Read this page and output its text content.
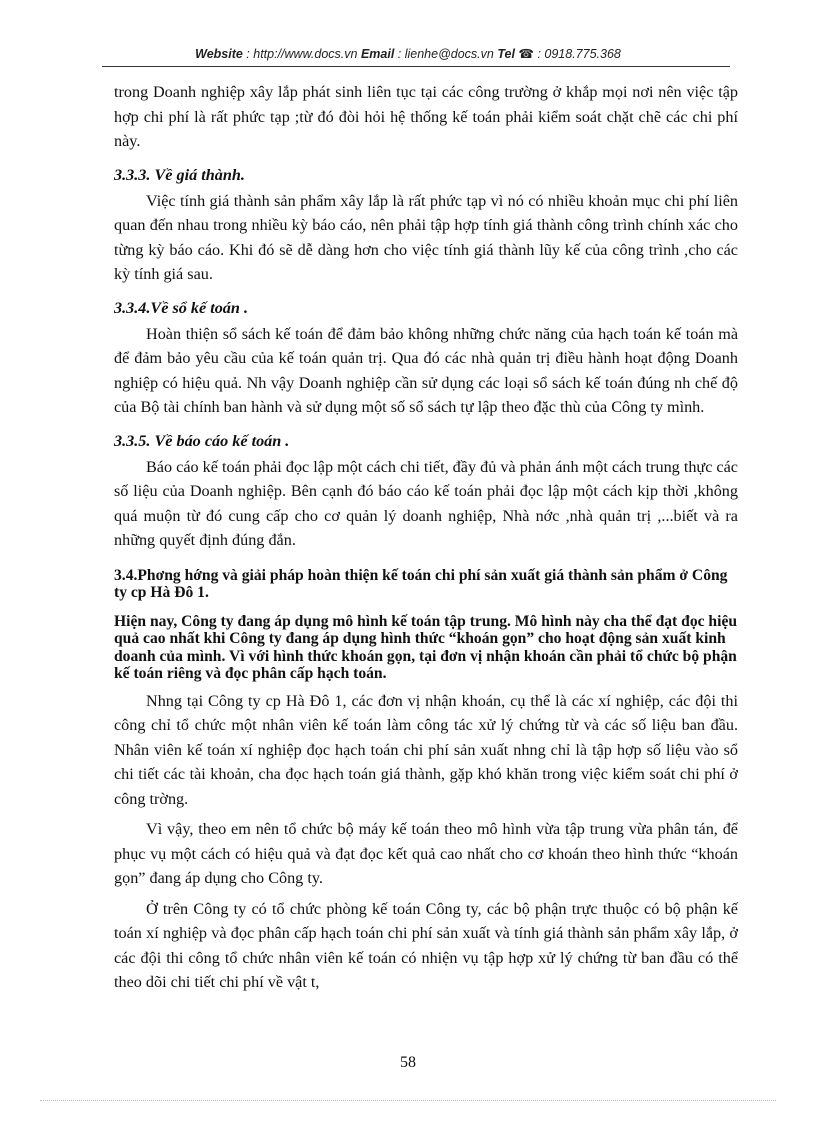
Website : http://www.docs.vn Email : lienhe@docs.vn Tel ☎ : 0918.775.368

trong Doanh nghiệp xây lắp phát sinh liên tục tại các công trường ở khắp mọi nơi nên việc tập hợp chi phí là rất phức tạp ;từ đó đòi hỏi hệ thống kế toán phải kiểm soát chặt chẽ các chi phí này.

3.3.3. Về giá thành.

Việc tính giá thành sản phẩm xây lắp là rất phức tạp vì nó có nhiều khoản mục chi phí liên quan đến nhau trong nhiều kỳ báo cáo, nên phải tập hợp tính giá thành công trình chính xác cho từng kỳ báo cáo. Khi đó sẽ dễ dàng hơn cho việc tính giá thành lũy kế của công trình ,cho các kỳ tính giá sau.

3.3.4.Về sổ kế toán .

Hoàn thiện sổ sách kế toán để đảm bảo không những chức năng của hạch toán kế toán mà để đảm bảo yêu cầu của kế toán quản trị. Qua đó các nhà quản trị điều hành hoạt động Doanh nghiệp có hiệu quả. Nh vậy Doanh nghiệp cần sử dụng các loại sổ sách kế toán đúng nh chế độ của Bộ tài chính ban hành và sử dụng một số sổ sách tự lập theo đặc thù của Công ty mình.

3.3.5. Về báo cáo kế toán .

Báo cáo kế toán phải đọc lập một cách chi tiết, đầy đủ và phản ánh một cách trung thực các số liệu của Doanh nghiệp. Bên cạnh đó báo cáo kế toán phải đọc lập một cách kịp thời ,không quá muộn từ đó cung cấp cho cơ quản lý doanh nghiệp, Nhà nớc ,nhà quản trị ,...biết và ra những quyết định đúng đắn.

3.4.Phơng hớng và giải pháp hoàn thiện kế toán chi phí sản xuất giá thành sản phẩm ở Công ty cp Hà Đô 1.

Hiện nay, Công ty đang áp dụng mô hình kế toán tập trung. Mô hình này cha thể đạt đọc hiệu quả cao nhất khi Công ty đang áp dụng hình thức “khoán gọn” cho hoạt động sản xuất kinh doanh của mình. Vì với hình thức khoán gọn, tại đơn vị nhận khoán cần phải tổ chức bộ phận kế toán riêng và đọc phân cấp hạch toán.

Nhng tại Công ty cp Hà Đô 1, các đơn vị nhận khoán, cụ thể là các xí nghiệp, các đội thi công chỉ tổ chức một nhân viên kế toán làm công tác xử lý chứng từ và các số liệu ban đầu. Nhân viên kế toán xí nghiệp đọc hạch toán chi phí sản xuất nhng chỉ là tập hợp số liệu vào sổ chi tiết các tài khoản, cha đọc hạch toán giá thành, gặp khó khăn trong việc kiểm soát chi phí ở công trờng.

Vì vậy, theo em nên tổ chức bộ máy kế toán theo mô hình vừa tập trung vừa phân tán, để phục vụ một cách có hiệu quả và đạt đọc kết quả cao nhất cho cơ khoán theo hình thức “khoán gọn” đang áp dụng cho Công ty.

Ở trên Công ty có tổ chức phòng kế toán Công ty, các bộ phận trực thuộc có bộ phận kế toán xí nghiệp và đọc phân cấp hạch toán chi phí sản xuất và tính giá thành sản phẩm xây lắp, ở các đội thi công tổ chức nhân viên kế toán có nhiện vụ tập hợp xử lý chứng từ ban đầu có thể theo dõi chi tiết chi phí về vật t,

58
